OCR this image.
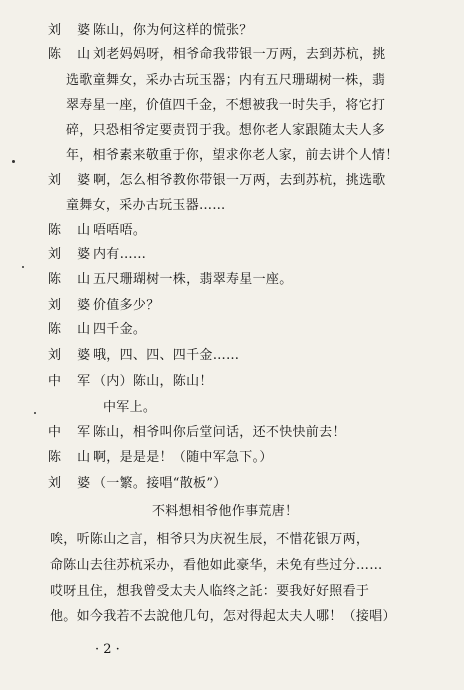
刘 婆
陈山，你为何这样的慌张？
陈 山
刘老妈妈呀，相爷命我带银一万两，去到苏杭，挑
选歌童舞女，采办古玩玉器；内有五尺珊瑚树一株，翡
翠寿星一座，价值四千金，不想被我一时失手，将它打
碎，只恐相爷定要责罚于我。想你老人家跟随太夫人多
年，相爷素来敬重于你，望求你老人家，前去讲个人情！
刘 婆
啊，怎么相爷教你带银一万两，去到苏杭，挑选歌
童舞女，采办古玩玉器……
陈 山
唔唔唔。
刘 婆
内有……
陈 山
五尺珊瑚树一株，翡翠寿星一座。
刘 婆
价值多少？
陈 山
四千金。
刘 婆
哦，四、四、四千金……
中 军
（内）陈山，陈山！
中军上。
中 军
陈山，相爷叫你后堂问话，还不快快前去！
陈 山
啊，是是是！（随中军急下。）
刘 婆
（一繁。接唱“散板”）
不料想相爷他作事荒唐！
唉，听陈山之言，相爷只为庆祝生辰，不惜花银万两，
命陈山去往苏杭采办，看他如此豪华，未免有些过分……
哎呀且住，想我曾受太夫人临终之託：要我好好照看于
他。如今我若不去說他几句，怎对得起太夫人哪！（接唱）
· 2 ·
